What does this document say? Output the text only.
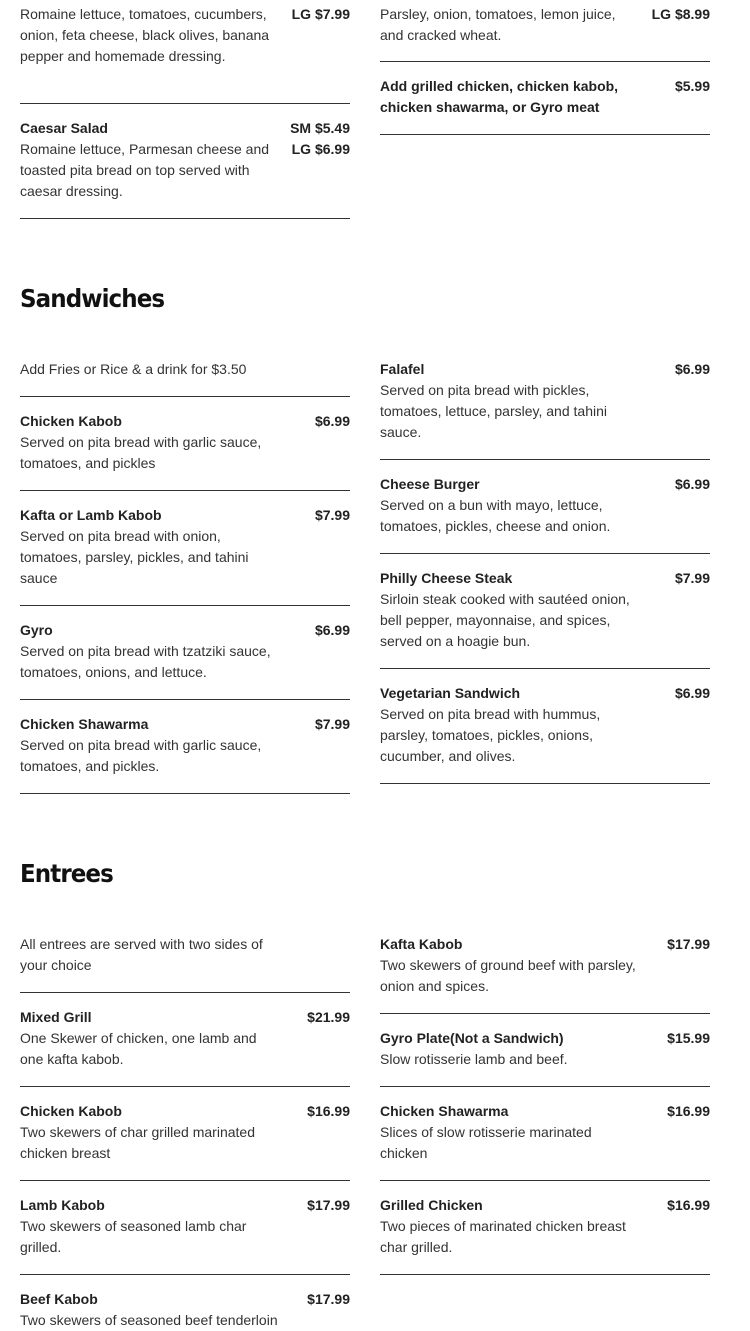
Romaine lettuce, tomatoes, cucumbers, onion, feta cheese, black olives, banana pepper and homemade dressing.
LG $7.99
Caesar Salad
Romaine lettuce, Parmesan cheese and toasted pita bread on top served with caesar dressing.
SM $5.49
LG $6.99
Parsley, onion, tomatoes, lemon juice, and cracked wheat.
LG $8.99
Add grilled chicken, chicken kabob, chicken shawarma, or Gyro meat
$5.99
Sandwiches
Add Fries or Rice & a drink for $3.50
Chicken Kabob
Served on pita bread with garlic sauce, tomatoes, and pickles
$6.99
Kafta or Lamb Kabob
Served on pita bread with onion, tomatoes, parsley, pickles, and tahini sauce
$7.99
Gyro
Served on pita bread with tzatziki sauce, tomatoes, onions, and lettuce.
$6.99
Chicken Shawarma
Served on pita bread with garlic sauce, tomatoes, and pickles.
$7.99
Falafel
Served on pita bread with pickles, tomatoes, lettuce, parsley, and tahini sauce.
$6.99
Cheese Burger
Served on a bun with mayo, lettuce, tomatoes, pickles, cheese and onion.
$6.99
Philly Cheese Steak
Sirloin steak cooked with sautéed onion, bell pepper, mayonnaise, and spices, served on a hoagie bun.
$7.99
Vegetarian Sandwich
Served on pita bread with hummus, parsley, tomatoes, pickles, onions, cucumber, and olives.
$6.99
Entrees
All entrees are served with two sides of your choice
Mixed Grill
One Skewer of chicken, one lamb and one kafta kabob.
$21.99
Chicken Kabob
Two skewers of char grilled marinated chicken breast
$16.99
Lamb Kabob
Two skewers of seasoned lamb char grilled.
$17.99
Beef Kabob
Two skewers of seasoned beef tenderloin
$17.99
Kafta Kabob
Two skewers of ground beef with parsley, onion and spices.
$17.99
Gyro Plate(Not a Sandwich)
Slow rotisserie lamb and beef.
$15.99
Chicken Shawarma
Slices of slow rotisserie marinated chicken
$16.99
Grilled Chicken
Two pieces of marinated chicken breast char grilled.
$16.99
